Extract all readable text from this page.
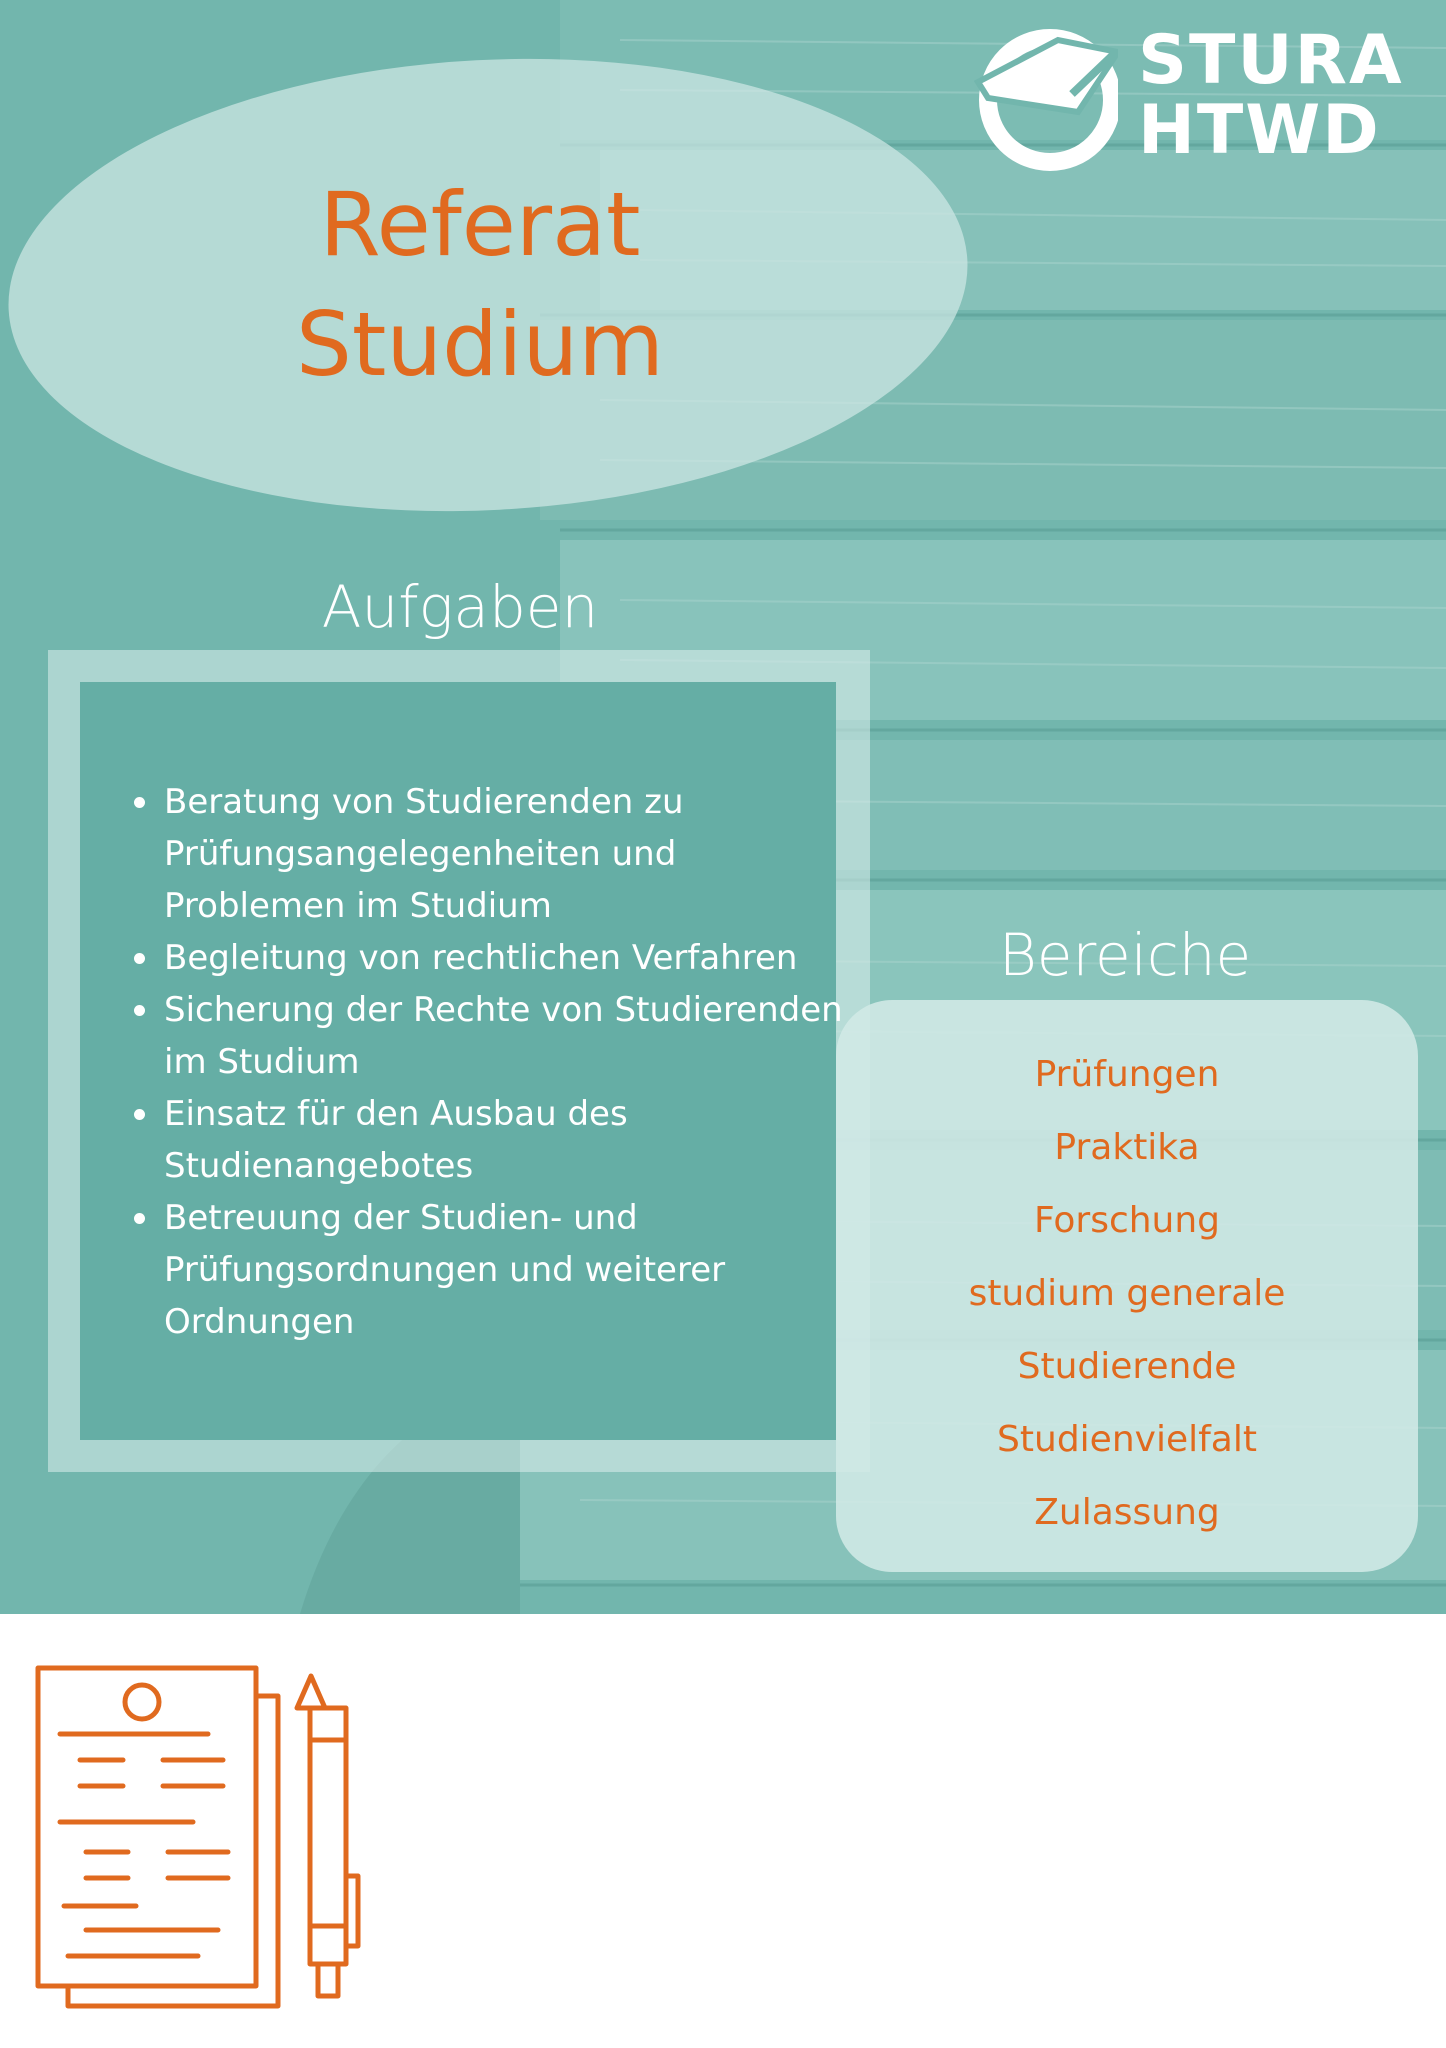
STURA
HTWD
Referat
Studium
Aufgaben
Beratung von Studierenden zu Prüfungsangelegenheiten und Problemen im Studium
Begleitung von rechtlichen Verfahren
Sicherung der Rechte von Studierenden im Studium
Einsatz für den Ausbau des Studienangebotes
Betreuung der Studien- und Prüfungsordnungen und weiterer Ordnungen
Bereiche
Prüfungen
Praktika
Forschung
studium generale
Studierende
Studienvielfalt
Zulassung
